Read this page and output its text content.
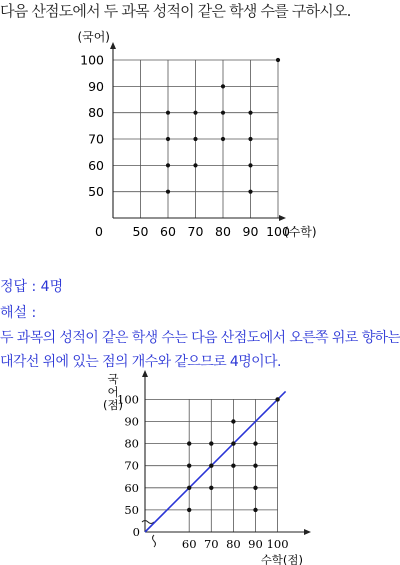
다음 산점도에서 두 과목 성적이 같은 학생 수를 구하시오.
50 60 70 80 90 100
50
60
70
80
90
100
0
(국어)
(수학)
60 70 80 90 100
50
60
70
80
90
100
0
국
어
(점)
수학(점)
정답 : 4명
해설 :
두 과목의 성적이 같은 학생 수는 다음 산점도에서 오른쪽 위로 향하는
대각선 위에 있는 점의 개수와 같으므로 4명이다.
